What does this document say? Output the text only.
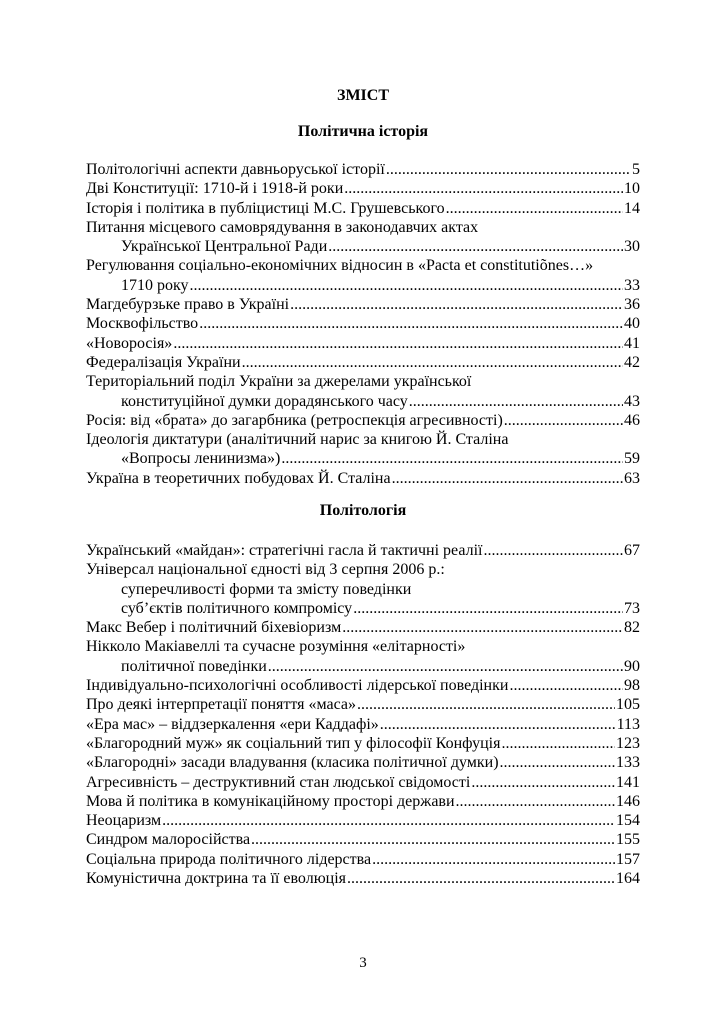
ЗМІСТ
Політична історія
Політологічні аспекти давньоруської історії .....	5
Дві Конституції: 1710-й і 1918-й роки .....	10
Історія і політика в публіцистиці М.С. Грушевського .....	14
Питання місцевого самоврядування в законодавчих актах
Української Центральної Ради .....	30
Регулювання соціально-економічних відносин в «Pacta et constitutiõnes…»
1710 року .....	33
Магдебурзьке право в Україні .....	36
Москвофільство .....	40
«Новоросія» .....	41
Федералізація України .....	42
Територіальний поділ України за джерелами української
конституційної думки дорадянського часу .....	43
Росія: від «брата» до загарбника (ретроспекція агресивності) .....	46
Ідеологія диктатури (аналітичний нарис за книгою Й. Сталіна
«Вопросы ленинизма») .....	59
Україна в теоретичних побудовах Й. Сталіна .....	63
Політологія
Український «майдан»: стратегічні гасла й тактичні реалії .....	67
Універсал національної єдності від 3 серпня 2006 р.:
суперечливості форми та змісту поведінки
суб’єктів політичного компромісу .....	73
Макс Вебер і політичний біхевіоризм .....	82
Нікколо Макіавеллі та сучасне розуміння «елітарності»
політичної поведінки .....	90
Індивідуально-психологічні особливості лідерської поведінки .....	98
Про деякі інтерпретації поняття «маса» .....	105
«Ера мас» – віддзеркалення «ери Каддафі» .....	113
«Благородний муж» як соціальний тип у філософії Конфуція .....	123
«Благородні» засади владування (класика політичної думки) .....	133
Агресивність – деструктивний стан людської свідомості .....	141
Мова й політика в комунікаційному просторі держави .....	146
Неоцаризм .....	154
Синдром малоросійства .....	155
Соціальна природа політичного лідерства .....	157
Комуністична доктрина та її еволюція .....	164
3
